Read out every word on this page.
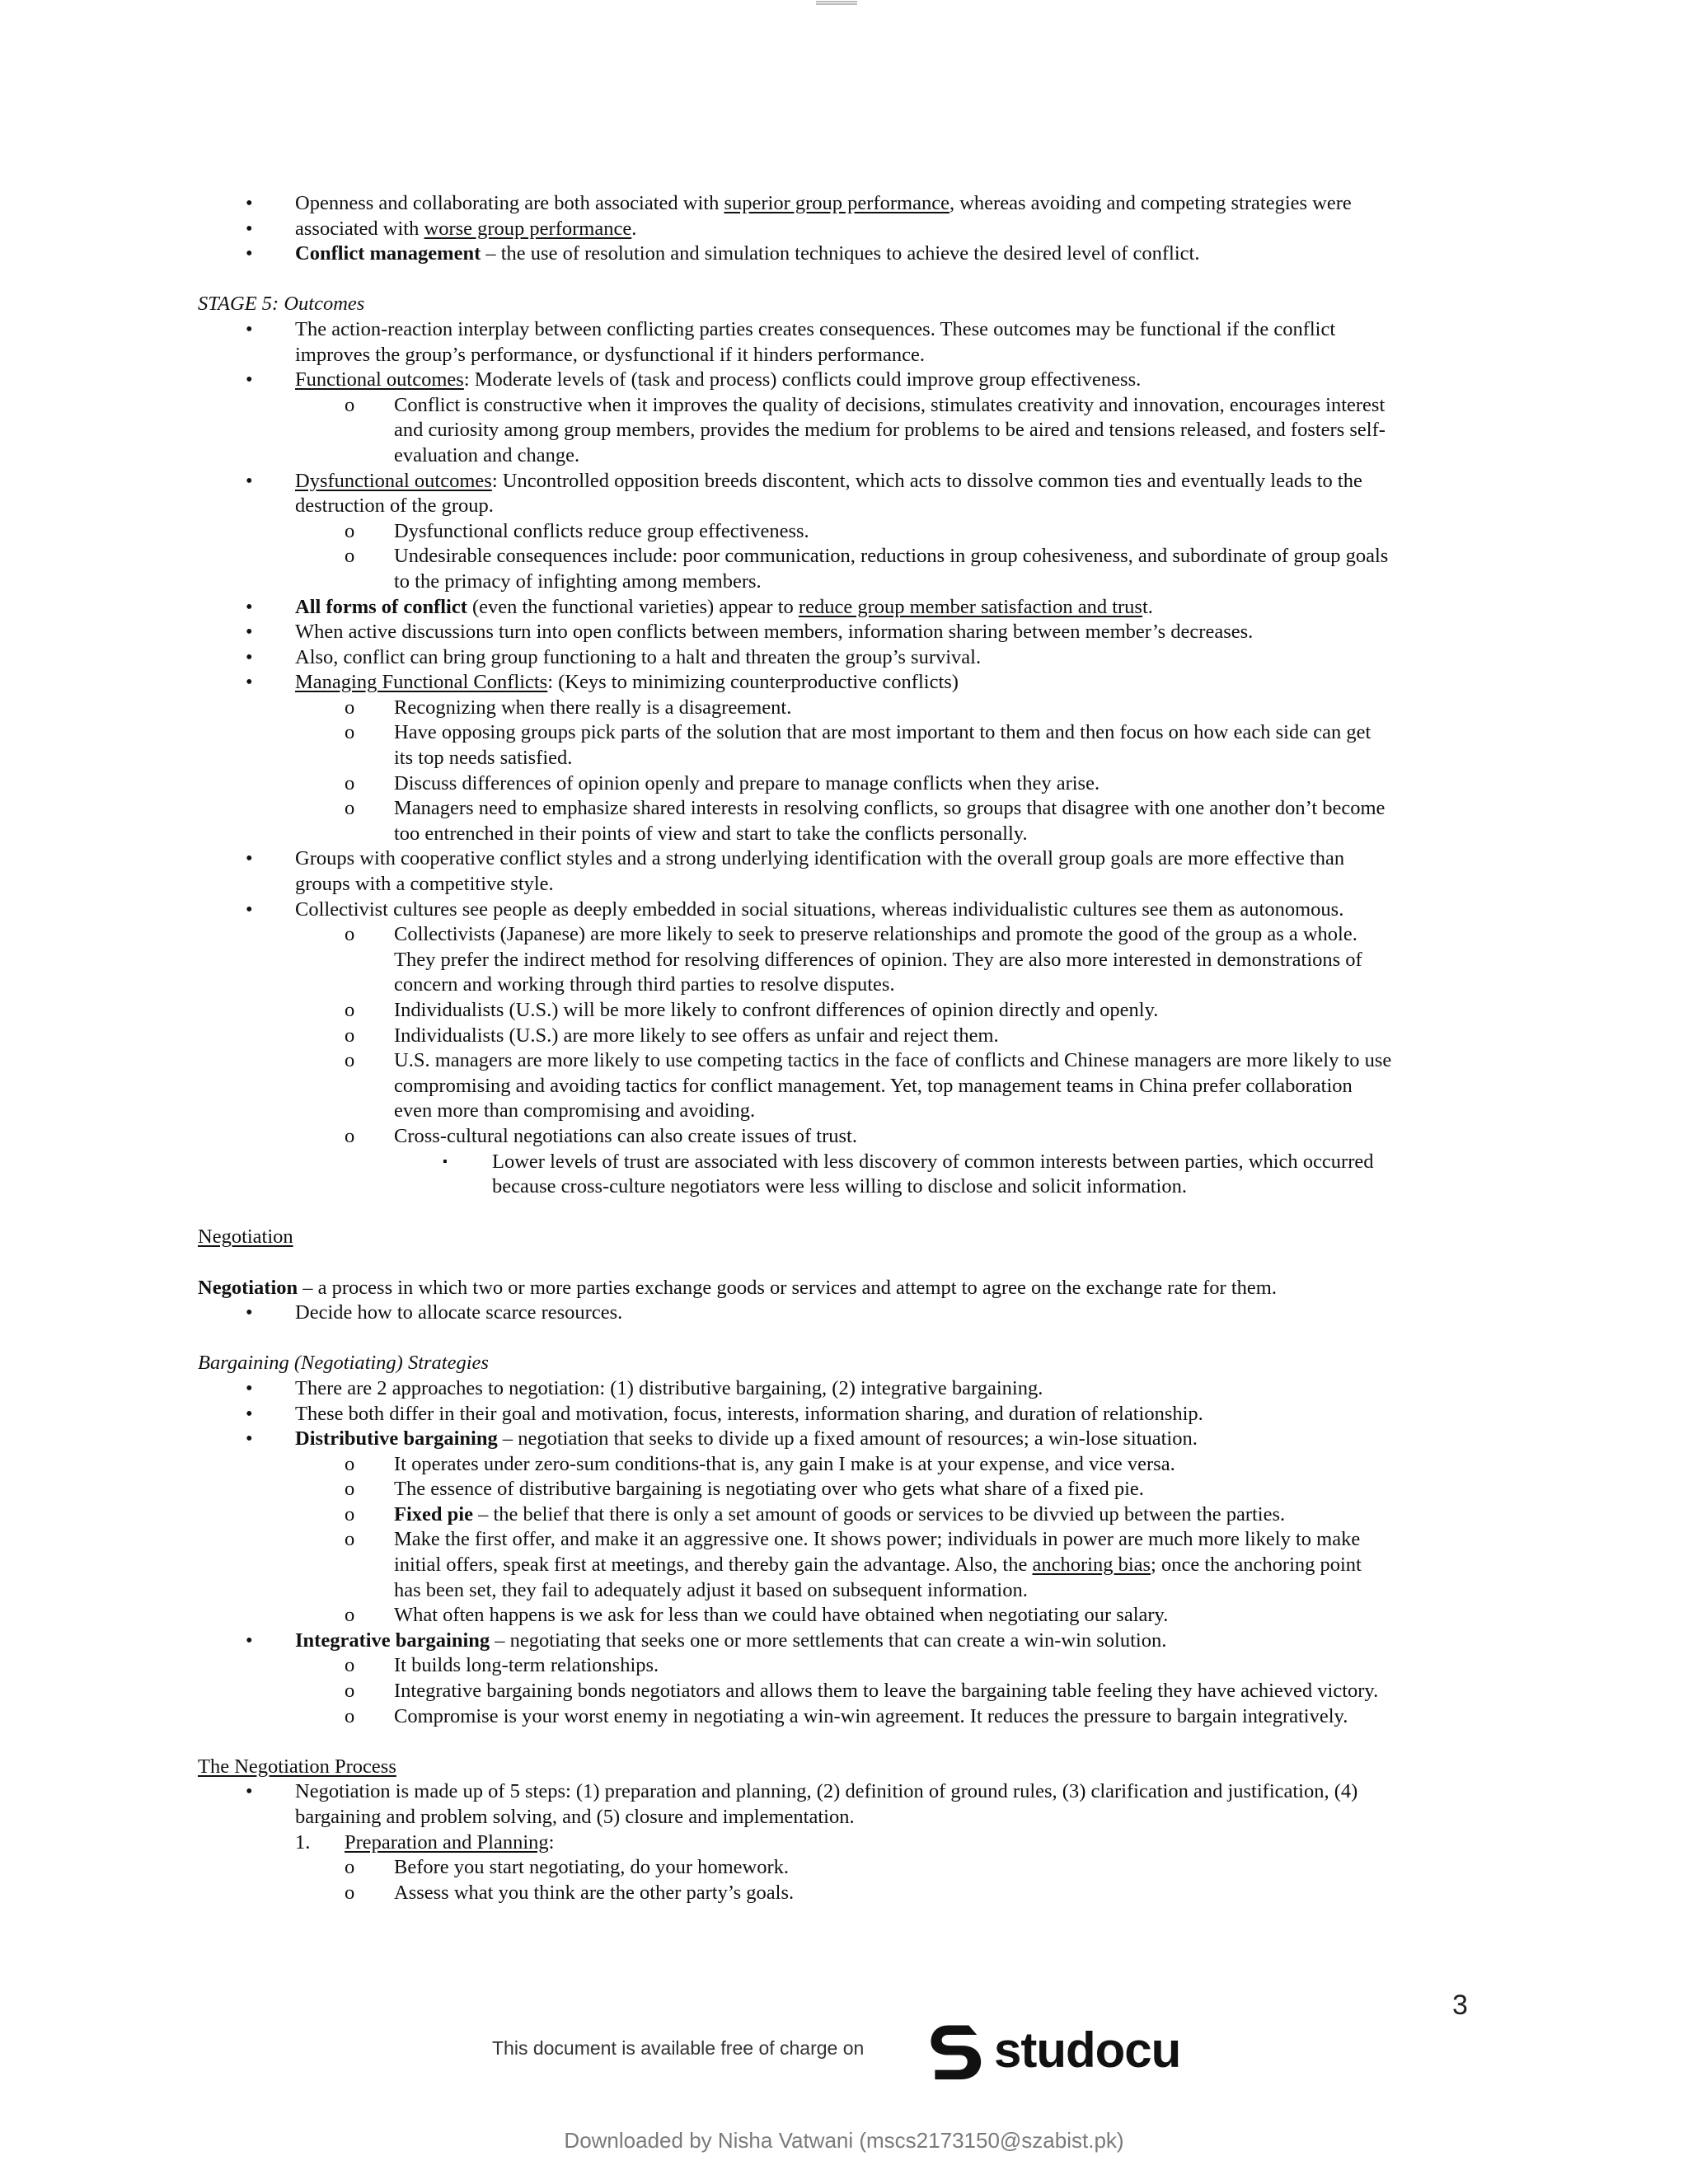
• Openness and collaborating are both associated with superior group performance, whereas avoiding and competing strategies were

• associated with worse group performance.

• Conflict management – the use of resolution and simulation techniques to achieve the desired level of conflict.

STAGE 5: Outcomes

• The action-reaction interplay between conflicting parties creates consequences. These outcomes may be functional if the conflict

improves the group’s performance, or dysfunctional if it hinders performance.

• Functional outcomes: Moderate levels of (task and process) conflicts could improve group effectiveness.

o Conflict is constructive when it improves the quality of decisions, stimulates creativity and innovation, encourages interest

and curiosity among group members, provides the medium for problems to be aired and tensions released, and fosters self-

evaluation and change.

• Dysfunctional outcomes: Uncontrolled opposition breeds discontent, which acts to dissolve common ties and eventually leads to the

destruction of the group.

o Dysfunctional conflicts reduce group effectiveness.

o Undesirable consequences include: poor communication, reductions in group cohesiveness, and subordinate of group goals

to the primacy of infighting among members.

• All forms of conflict (even the functional varieties) appear to reduce group member satisfaction and trust.

• When active discussions turn into open conflicts between members, information sharing between member’s decreases.

• Also, conflict can bring group functioning to a halt and threaten the group’s survival.

• Managing Functional Conflicts: (Keys to minimizing counterproductive conflicts)

o Recognizing when there really is a disagreement.

o Have opposing groups pick parts of the solution that are most important to them and then focus on how each side can get

its top needs satisfied.

o Discuss differences of opinion openly and prepare to manage conflicts when they arise.

o Managers need to emphasize shared interests in resolving conflicts, so groups that disagree with one another don’t become

too entrenched in their points of view and start to take the conflicts personally.

• Groups with cooperative conflict styles and a strong underlying identification with the overall group goals are more effective than

groups with a competitive style.

• Collectivist cultures see people as deeply embedded in social situations, whereas individualistic cultures see them as autonomous.

o Collectivists (Japanese) are more likely to seek to preserve relationships and promote the good of the group as a whole.

They prefer the indirect method for resolving differences of opinion. They are also more interested in demonstrations of

concern and working through third parties to resolve disputes.

o Individualists (U.S.) will be more likely to confront differences of opinion directly and openly.

o Individualists (U.S.) are more likely to see offers as unfair and reject them.

o U.S. managers are more likely to use competing tactics in the face of conflicts and Chinese managers are more likely to use

compromising and avoiding tactics for conflict management. Yet, top management teams in China prefer collaboration

even more than compromising and avoiding.

o Cross-cultural negotiations can also create issues of trust.

▪ Lower levels of trust are associated with less discovery of common interests between parties, which occurred

because cross-culture negotiators were less willing to disclose and solicit information.

Negotiation

Negotiation – a process in which two or more parties exchange goods or services and attempt to agree on the exchange rate for them.

• Decide how to allocate scarce resources.

Bargaining (Negotiating) Strategies

• There are 2 approaches to negotiation: (1) distributive bargaining, (2) integrative bargaining.

• These both differ in their goal and motivation, focus, interests, information sharing, and duration of relationship.

• Distributive bargaining – negotiation that seeks to divide up a fixed amount of resources; a win-lose situation.

o It operates under zero-sum conditions-that is, any gain I make is at your expense, and vice versa.

o The essence of distributive bargaining is negotiating over who gets what share of a fixed pie.

o Fixed pie – the belief that there is only a set amount of goods or services to be divvied up between the parties.

o Make the first offer, and make it an aggressive one. It shows power; individuals in power are much more likely to make

initial offers, speak first at meetings, and thereby gain the advantage. Also, the anchoring bias; once the anchoring point

has been set, they fail to adequately adjust it based on subsequent information.

o What often happens is we ask for less than we could have obtained when negotiating our salary.

• Integrative bargaining – negotiating that seeks one or more settlements that can create a win-win solution.

o It builds long-term relationships.

o Integrative bargaining bonds negotiators and allows them to leave the bargaining table feeling they have achieved victory.

o Compromise is your worst enemy in negotiating a win-win agreement. It reduces the pressure to bargain integratively.

The Negotiation Process

• Negotiation is made up of 5 steps: (1) preparation and planning, (2) definition of ground rules, (3) clarification and justification, (4)

bargaining and problem solving, and (5) closure and implementation.

1. Preparation and Planning:

o Before you start negotiating, do your homework.

o Assess what you think are the other party’s goals.

3
This document is available free of charge on	studocu
Downloaded by Nisha Vatwani (mscs2173150@szabist.pk)
